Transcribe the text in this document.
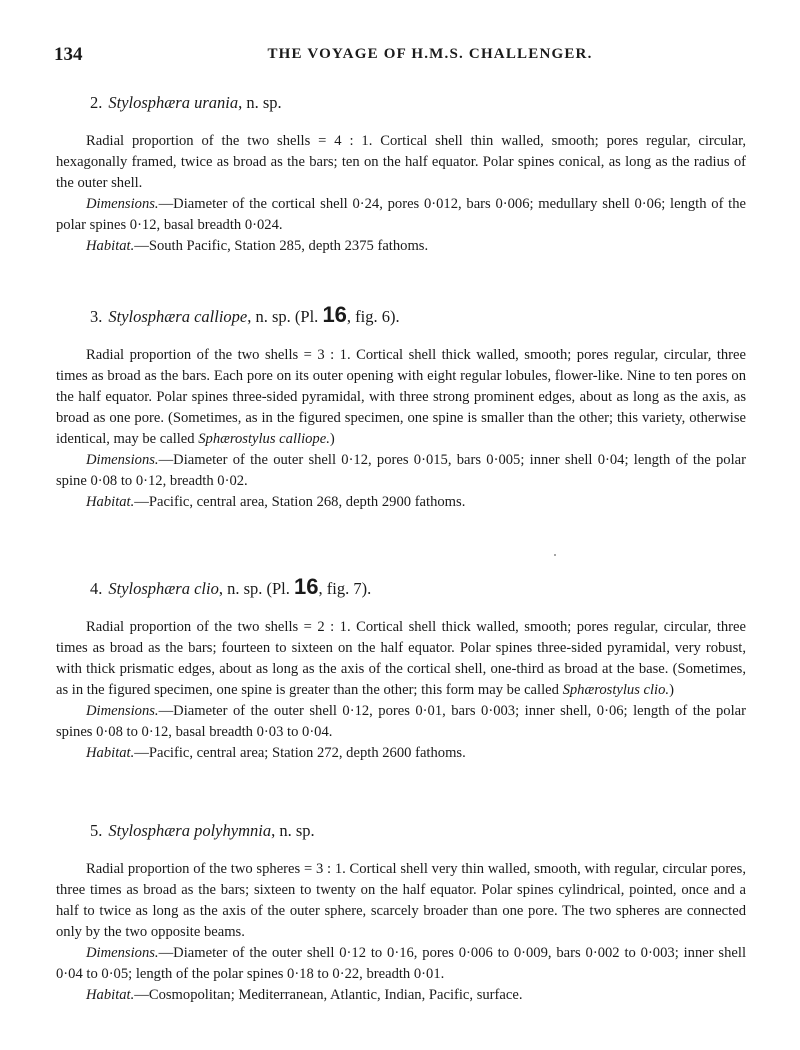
134	THE VOYAGE OF H.M.S. CHALLENGER.
2. Stylosphæra urania, n. sp.

Radial proportion of the two shells = 4 : 1. Cortical shell thin walled, smooth; pores regular, circular, hexagonally framed, twice as broad as the bars; ten on the half equator. Polar spines conical, as long as the radius of the outer shell.

Dimensions.—Diameter of the cortical shell 0·24, pores 0·012, bars 0·006; medullary shell 0·06; length of the polar spines 0·12, basal breadth 0·024.

Habitat.—South Pacific, Station 285, depth 2375 fathoms.

3. Stylosphæra calliope, n. sp. (Pl. 16, fig. 6).

Radial proportion of the two shells = 3 : 1. Cortical shell thick walled, smooth; pores regular, circular, three times as broad as the bars. Each pore on its outer opening with eight regular lobules, flower-like. Nine to ten pores on the half equator. Polar spines three-sided pyramidal, with three strong prominent edges, about as long as the axis, as broad as one pore. (Sometimes, as in the figured specimen, one spine is smaller than the other; this variety, otherwise identical, may be called Sphærostylus calliope.)

Dimensions.—Diameter of the outer shell 0·12, pores 0·015, bars 0·005; inner shell 0·04; length of the polar spine 0·08 to 0·12, breadth 0·02.

Habitat.—Pacific, central area, Station 268, depth 2900 fathoms.

4. Stylosphæra clio, n. sp. (Pl. 16, fig. 7).

Radial proportion of the two shells = 2 : 1. Cortical shell thick walled, smooth; pores regular, circular, three times as broad as the bars; fourteen to sixteen on the half equator. Polar spines three-sided pyramidal, very robust, with thick prismatic edges, about as long as the axis of the cortical shell, one-third as broad at the base. (Sometimes, as in the figured specimen, one spine is greater than the other; this form may be called Sphærostylus clio.)

Dimensions.—Diameter of the outer shell 0·12, pores 0·01, bars 0·003; inner shell, 0·06; length of the polar spines 0·08 to 0·12, basal breadth 0·03 to 0·04.

Habitat.—Pacific, central area; Station 272, depth 2600 fathoms.

5. Stylosphæra polyhymnia, n. sp.

Radial proportion of the two spheres = 3 : 1. Cortical shell very thin walled, smooth, with regular, circular pores, three times as broad as the bars; sixteen to twenty on the half equator. Polar spines cylindrical, pointed, once and a half to twice as long as the axis of the outer sphere, scarcely broader than one pore. The two spheres are connected only by the two opposite beams.

Dimensions.—Diameter of the outer shell 0·12 to 0·16, pores 0·006 to 0·009, bars 0·002 to 0·003; inner shell 0·04 to 0·05; length of the polar spines 0·18 to 0·22, breadth 0·01.

Habitat.—Cosmopolitan; Mediterranean, Atlantic, Indian, Pacific, surface.
